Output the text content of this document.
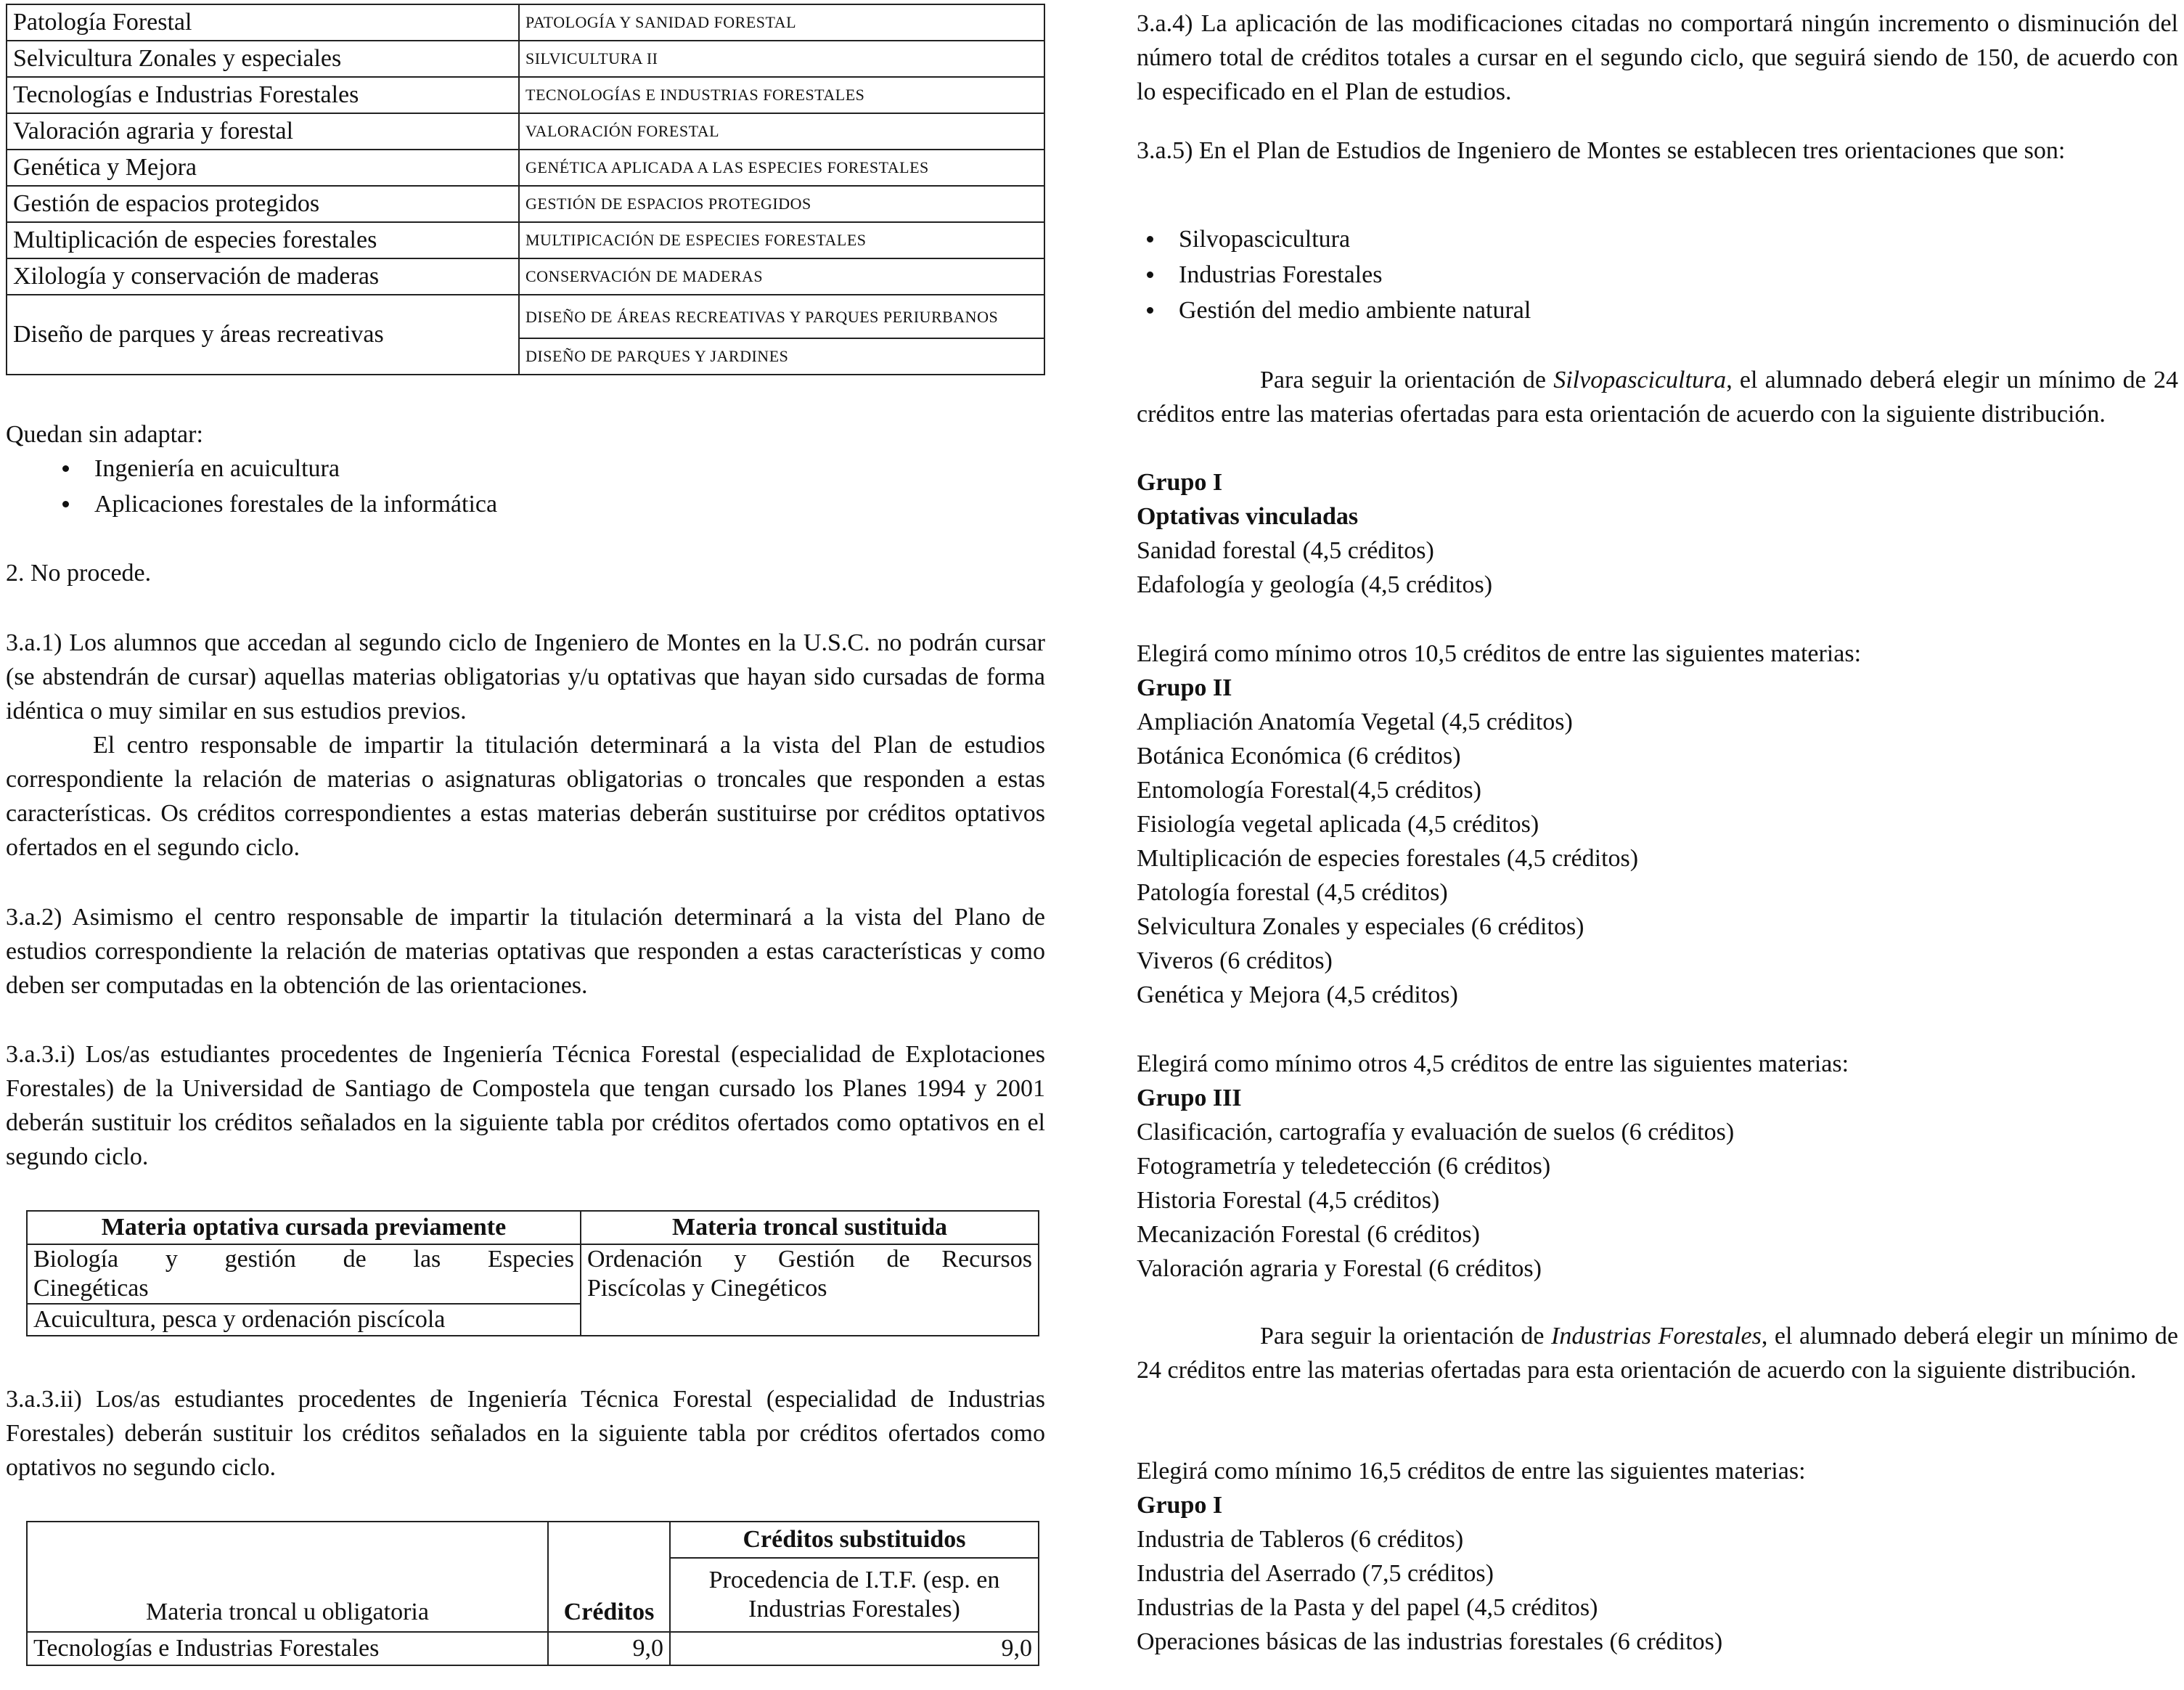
Patología Forestal	PATOLOGÍA Y SANIDAD FORESTAL
Selvicultura Zonales y especiales	SILVICULTURA II
Tecnologías e Industrias Forestales	TECNOLOGÍAS E INDUSTRIAS FORESTALES
Valoración agraria y forestal	VALORACIÓN FORESTAL
Genética y Mejora	GENÉTICA APLICADA A LAS ESPECIES FORESTALES
Gestión de espacios protegidos	GESTIÓN DE ESPACIOS PROTEGIDOS
Multiplicación de especies forestales	MULTIPICACIÓN DE ESPECIES FORESTALES
Xilología y conservación de maderas	CONSERVACIÓN DE MADERAS
Diseño de parques y áreas recreativas	DISEÑO DE ÁREAS RECREATIVAS Y PARQUES PERIURBANOS
	DISEÑO DE PARQUES Y JARDINES

Quedan sin adaptar:

Ingeniería en acuicultura
Aplicaciones forestales de la informática

2. No procede.

3.a.1) Los alumnos que accedan al segundo ciclo de Ingeniero de Montes en la U.S.C. no podrán cursar (se abstendrán de cursar) aquellas materias obligatorias y/u optativas que hayan sido cursadas de forma idéntica o muy similar en sus estudios previos.

El centro responsable de impartir la titulación determinará a la vista del Plan de estudios correspondiente la relación de materias o asignaturas obligatorias o troncales que responden a estas características. Os créditos correspondientes a estas materias deberán sustituirse por créditos optativos ofertados en el segundo ciclo.

3.a.2) Asimismo el centro responsable de impartir la titulación determinará a la vista del Plano de estudios correspondiente la relación de materias optativas que responden a estas características y como deben ser computadas en la obtención de las orientaciones.

3.a.3.i) Los/as estudiantes procedentes de Ingeniería Técnica Forestal (especialidad de Explotaciones Forestales) de la Universidad de Santiago de Compostela que tengan cursado los Planes 1994 y 2001 deberán sustituir los créditos señalados en la siguiente tabla por créditos ofertados como optativos en el segundo ciclo.

Materia optativa cursada previamente	Materia troncal sustituida

Biología y gestión de las Especies
Cinegéticas	Ordenación y Gestión de Recursos Piscícolas y Cinegéticos
Acuicultura, pesca y ordenación piscícola	

3.a.3.ii) Los/as estudiantes procedentes de Ingeniería Técnica Forestal (especialidad de Industrias Forestales) deberán sustituir los créditos señalados en la siguiente tabla por créditos ofertados como optativos no segundo ciclo.

Materia troncal u obligatoria	Créditos	Créditos substituidos
		Procedencia de I.T.F. (esp. en Industrias Forestales)
Tecnologías e Industrias Forestales	9,0	9,0

3.a.4) La aplicación de las modificaciones citadas no comportará ningún incremento o disminución del número total de créditos totales a cursar en el segundo ciclo, que seguirá siendo de 150, de acuerdo con lo especificado en el Plan de estudios.

3.a.5) En el Plan de Estudios de Ingeniero de Montes se establecen tres orientaciones que son:

Silvopascicultura
Industrias Forestales
Gestión del medio ambiente natural

Para seguir la orientación de Silvopascicultura, el alumnado deberá elegir un mínimo de 24 créditos entre las materias ofertadas para esta orientación de acuerdo con la siguiente distribución.

Grupo I

Optativas vinculadas

Sanidad forestal (4,5 créditos)

Edafología y geología (4,5 créditos)

Elegirá como mínimo otros 10,5 créditos de entre las siguientes materias:

Grupo II

Ampliación Anatomía Vegetal (4,5 créditos)

Botánica Económica (6 créditos)

Entomología Forestal(4,5 créditos)

Fisiología vegetal aplicada (4,5 créditos)

Multiplicación de especies forestales (4,5 créditos)

Patología forestal (4,5 créditos)

Selvicultura Zonales y especiales (6 créditos)

Viveros (6 créditos)

Genética y Mejora (4,5 créditos)

Elegirá como mínimo otros 4,5 créditos de entre las siguientes materias:

Grupo III

Clasificación, cartografía y evaluación de suelos (6 créditos)

Fotogrametría y teledetección (6 créditos)

Historia Forestal (4,5 créditos)

Mecanización Forestal (6 créditos)

Valoración agraria y Forestal (6 créditos)

Para seguir la orientación de Industrias Forestales, el alumnado deberá elegir un mínimo de 24 créditos entre las materias ofertadas para esta orientación de acuerdo con la siguiente distribución.

Elegirá como mínimo 16,5 créditos de entre las siguientes materias:

Grupo I

Industria de Tableros (6 créditos)

Industria del Aserrado (7,5 créditos)

Industrias de la Pasta y del papel (4,5 créditos)

Operaciones básicas de las industrias forestales (6 créditos)
